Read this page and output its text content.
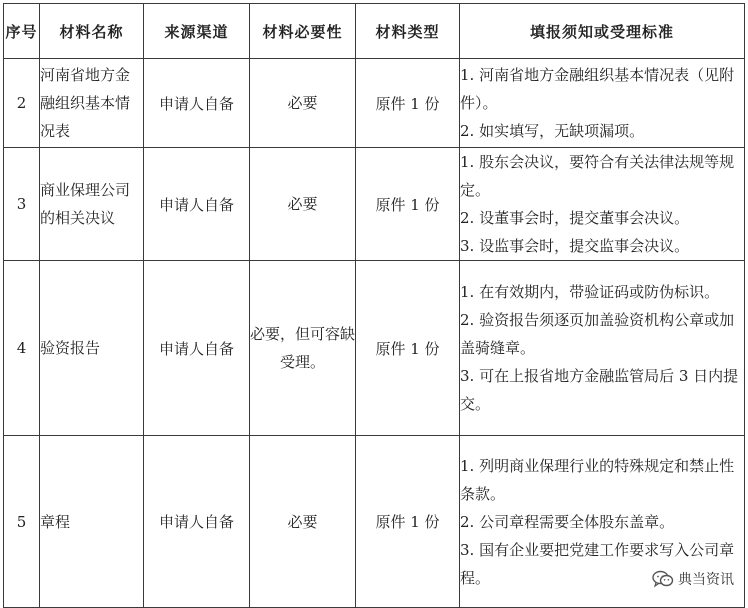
序号	材料名称	来源渠道	材料必要性	材料类型	填报须知或受理标准
2	河南省地方金融组织基本情况表	申请人自备	必要	原件 1 份	1. 河南省地方金融组织基本情况表（见附件）。
2. 如实填写，无缺项漏项。

3	商业保理公司的相关决议	申请人自备	必要	原件 1 份	1. 股东会决议，要符合有关法律法规等规定。
2. 设董事会时，提交董事会决议。
3. 设监事会时，提交监事会决议。

4	验资报告	申请人自备	必要，但可容缺受理。	原件 1 份	1. 在有效期内，带验证码或防伪标识。
2. 验资报告须逐页加盖验资机构公章或加盖骑缝章。
3. 可在上报省地方金融监管局后 3 日内提交。

5	章程	申请人自备	必要	原件 1 份	1. 列明商业保理行业的特殊规定和禁止性条款。
2. 公司章程需要全体股东盖章。
3. 国有企业要把党建工作要求写入公司章程。	典当资讯
